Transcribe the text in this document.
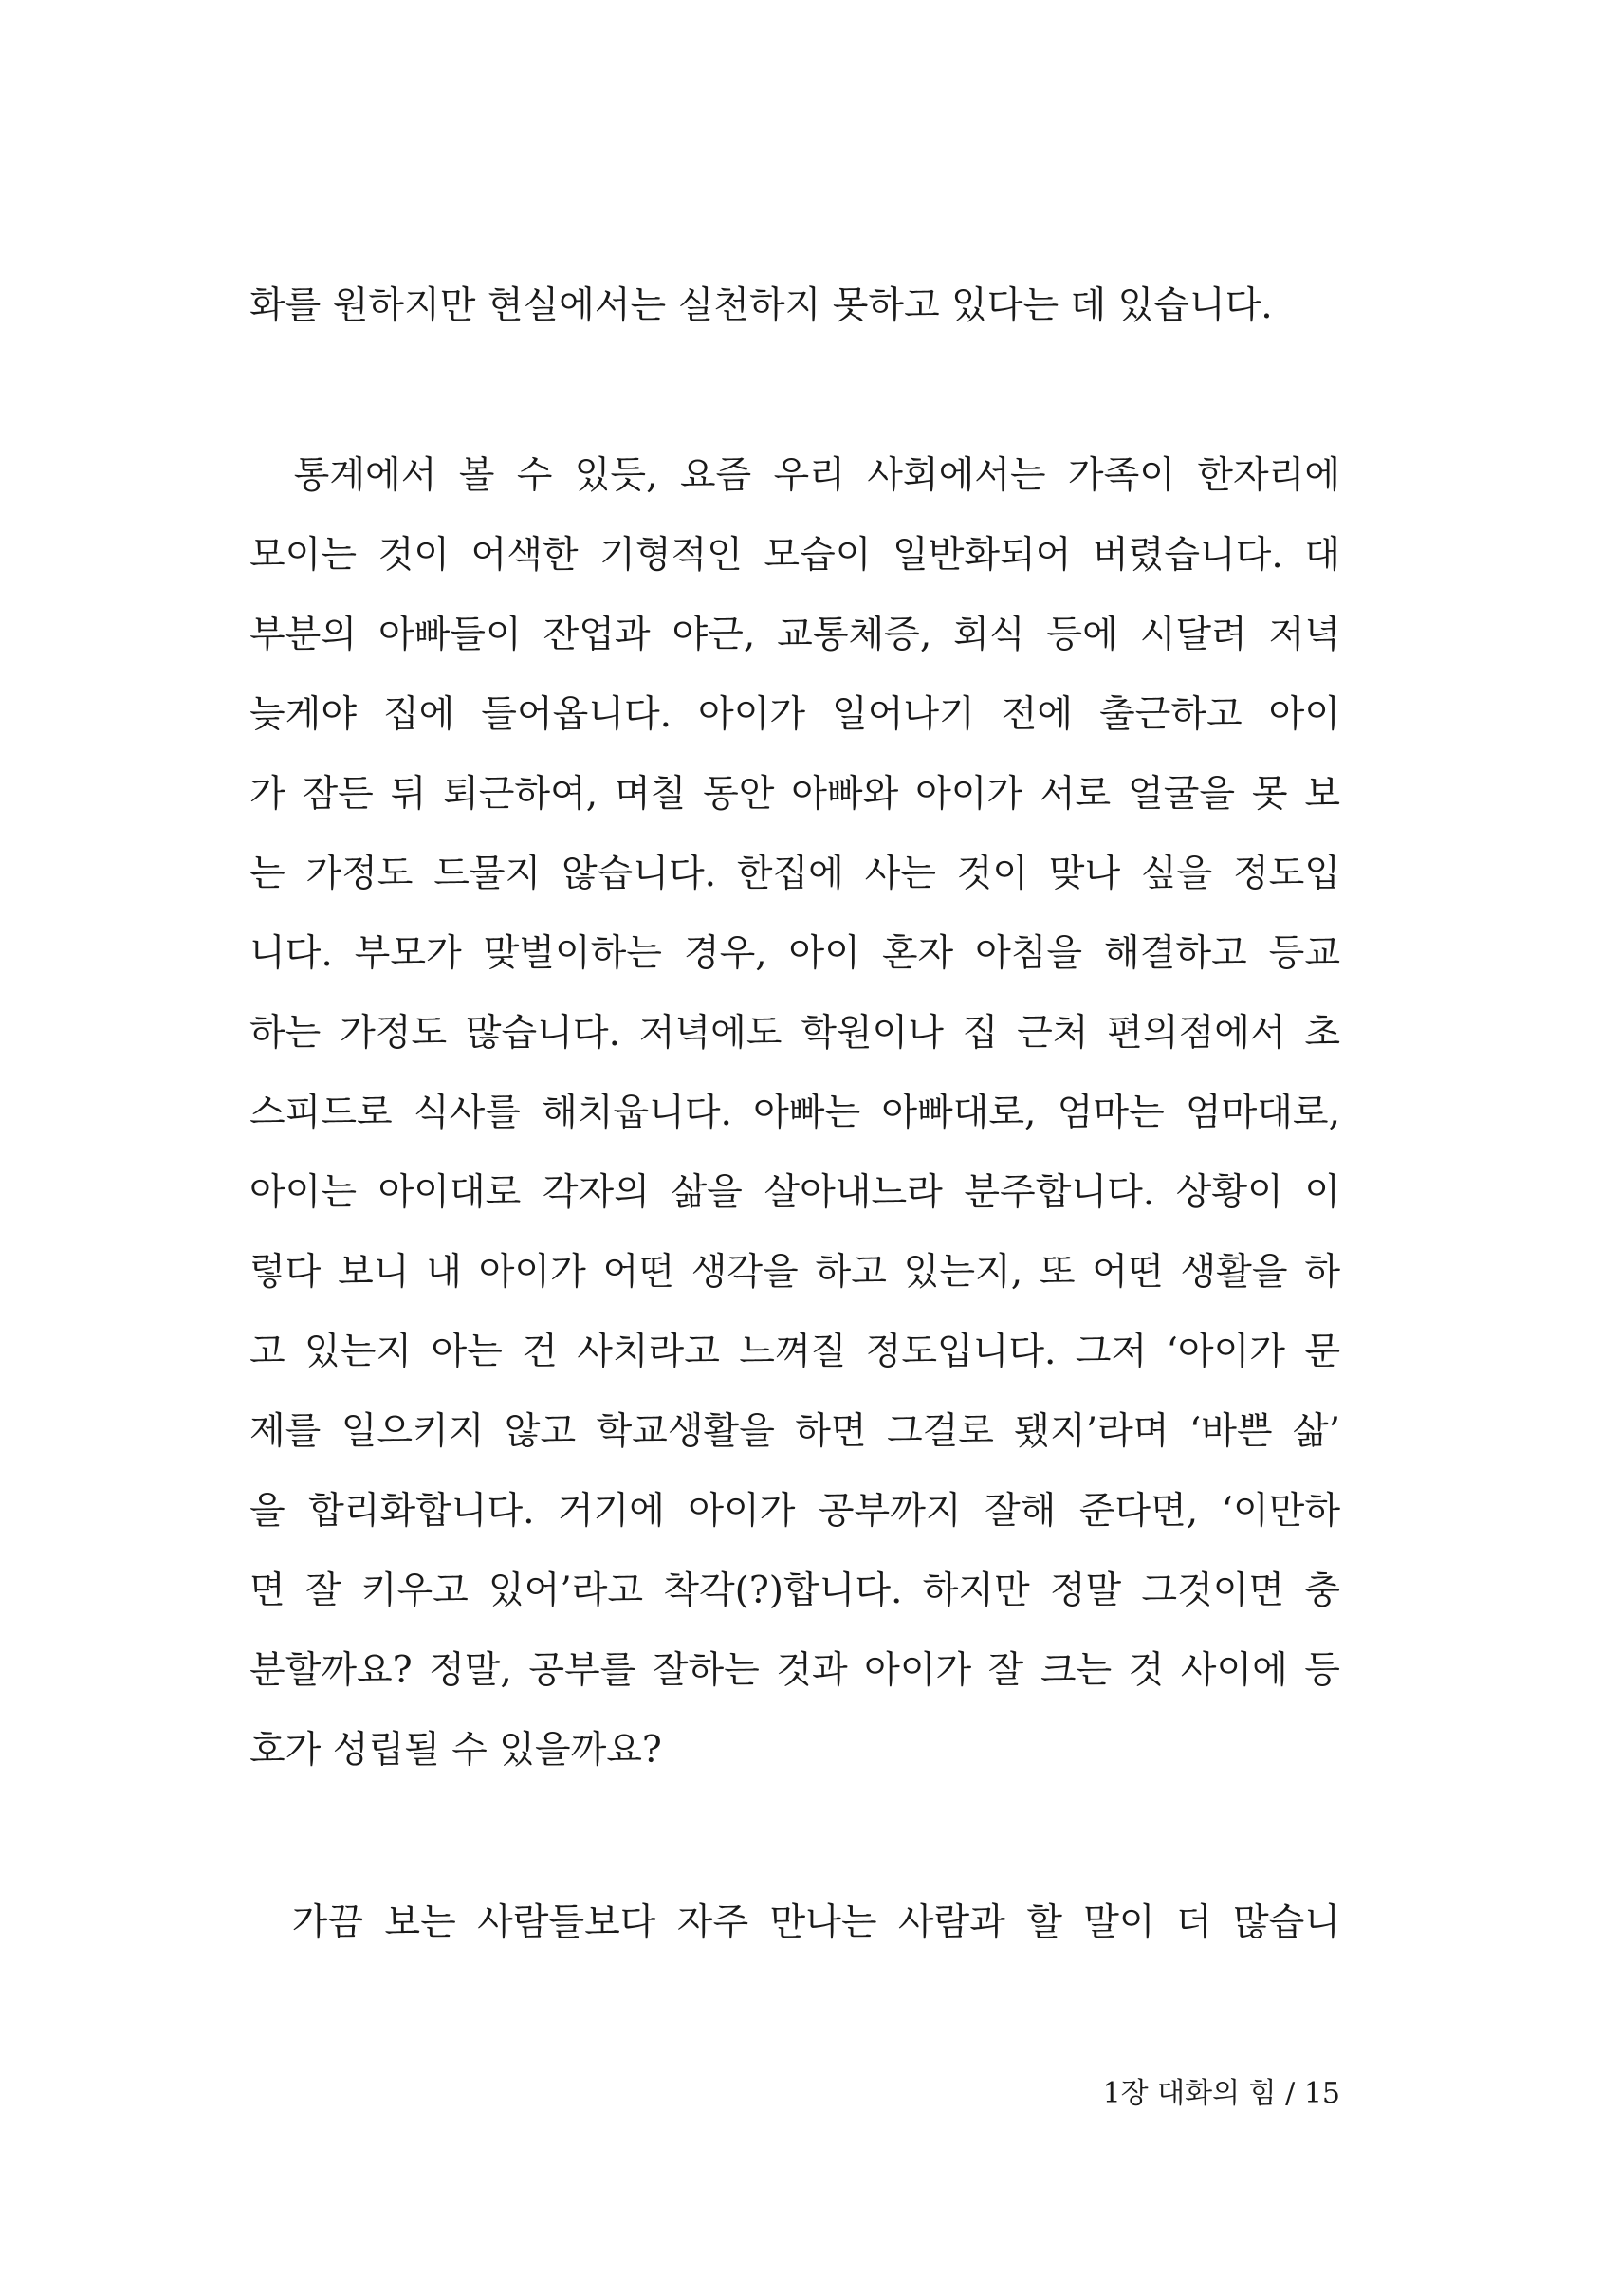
화를 원하지만 현실에서는 실천하지 못하고 있다는 데 있습니다.
통계에서 볼 수 있듯, 요즘 우리 사회에서는 가족이 한자리에
모이는 것이 어색한 기형적인 모습이 일반화되어 버렸습니다. 대
부분의 아빠들이 잔업과 야근, 교통체증, 회식 등에 시달려 저녁
늦게야 집에 들어옵니다. 아이가 일어나기 전에 출근하고 아이
가 잠든 뒤 퇴근하여, 며칠 동안 아빠와 아이가 서로 얼굴을 못 보
는 가정도 드물지 않습니다. 한집에 사는 것이 맞나 싶을 정도입
니다. 부모가 맞벌이하는 경우, 아이 혼자 아침을 해결하고 등교
하는 가정도 많습니다. 저녁에도 학원이나 집 근처 편의점에서 초
스피드로 식사를 해치웁니다. 아빠는 아빠대로, 엄마는 엄마대로,
아이는 아이대로 각자의 삶을 살아내느라 분주합니다. 상황이 이
렇다 보니 내 아이가 어떤 생각을 하고 있는지, 또 어떤 생활을 하
고 있는지 아는 건 사치라고 느껴질 정도입니다. 그저 ‘아이가 문
제를 일으키지 않고 학교생활을 하면 그걸로 됐지’라며 ‘바쁜 삶’
을 합리화합니다. 거기에 아이가 공부까지 잘해 준다면, ‘이만하
면 잘 키우고 있어’라고 착각(?)합니다. 하지만 정말 그것이면 충
분할까요? 정말, 공부를 잘하는 것과 아이가 잘 크는 것 사이에 등
호가 성립될 수 있을까요?
가끔 보는 사람들보다 자주 만나는 사람과 할 말이 더 많습니
1장 대화의 힘 / 15
